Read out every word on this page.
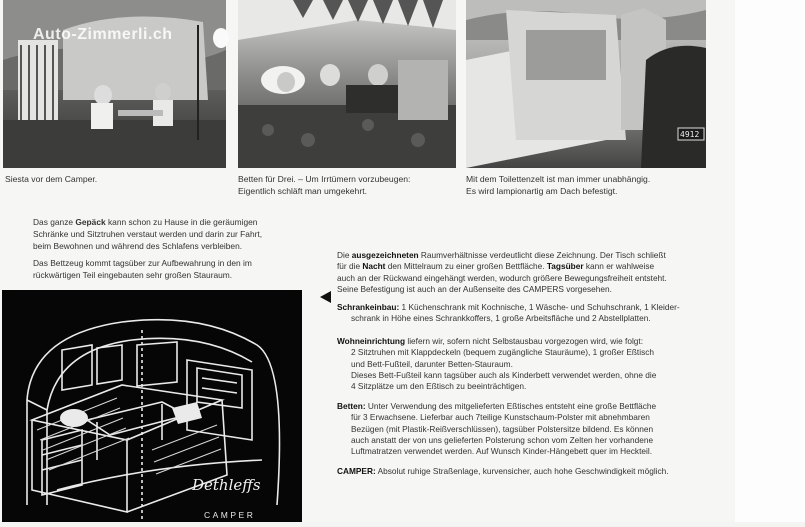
Auto-Zimmerli.ch
4912
Siesta vor dem Camper.	Betten für Drei. – Um Irrtümern vorzubeugen:
Eigentlich schläft man umgekehrt.
Mit dem Toilettenzelt ist man immer unabhängig.
Es wird lampionartig am Dach befestigt.
Das ganze Gepäck kann schon zu Hause in die geräumigen
Schränke und Sitztruhen verstaut werden und darin zur Fahrt,
beim Bewohnen und während des Schlafens verbleiben.
Das Bettzeug kommt tagsüber zur Aufbewahrung in den im
rückwärtigen Teil eingebauten sehr großen Stauraum.
Die ausgezeichneten Raumverhältnisse verdeutlicht diese Zeichnung. Der Tisch schließt
für die Nacht den Mittelraum zu einer großen Bettfläche. Tagsüber kann er wahlweise
auch an der Rückwand eingehängt werden, wodurch größere Bewegungsfreiheit entsteht.
Seine Befestigung ist auch an der Außenseite des CAMPERS vorgesehen.
Schrankeinbau: 1 Küchenschrank mit Kochnische, 1 Wäsche- und Schuhschrank, 1 Kleider-
schrank in Höhe eines Schrankkoffers, 1 große Arbeitsfläche und 2 Abstellplatten.
Wohneinrichtung liefern wir, sofern nicht Selbstausbau vorgezogen wird, wie folgt:
2 Sitztruhen mit Klappdeckeln (bequem zugängliche Stauräume), 1 großer Eßtisch
und Bett-Fußteil, darunter Betten-Stauraum.
Dieses Bett-Fußteil kann tagsüber auch als Kinderbett verwendet werden, ohne die
4 Sitzplätze um den Eßtisch zu beeinträchtigen.
Betten: Unter Verwendung des mitgelieferten Eßtisches entsteht eine große Bettfläche
für 3 Erwachsene. Lieferbar auch 7teilige Kunstschaum-Polster mit abnehmbaren
Bezügen (mit Plastik-Reißverschlüssen), tagsüber Polstersitze bildend. Es können
auch anstatt der von uns gelieferten Polsterung schon vom Zelten her vorhandene
Luftmatratzen verwendet werden. Auf Wunsch Kinder-Hängebett quer im Heckteil.
CAMPER: Absolut ruhige Straßenlage, kurvensicher, auch hohe Geschwindigkeit möglich.
Dethleffs
CAMPER
